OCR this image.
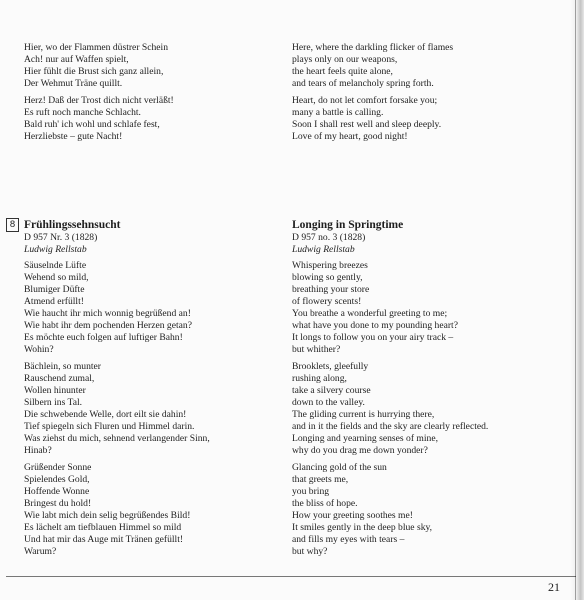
Hier, wo der Flammen düstrer Schein
Ach! nur auf Waffen spielt,
Hier fühlt die Brust sich ganz allein,
Der Wehmut Träne quillt.
Herz! Daß der Trost dich nicht verläßt!
Es ruft noch manche Schlacht.
Bald ruh' ich wohl und schlafe fest,
Herzliebste – gute Nacht!
Here, where the darkling flicker of flames
plays only on our weapons,
the heart feels quite alone,
and tears of melancholy spring forth.
Heart, do not let comfort forsake you;
many a battle is calling.
Soon I shall rest well and sleep deeply.
Love of my heart, good night!
8 Frühlingssehnsucht
D 957 Nr. 3 (1828)
Ludwig Rellstab
Säuselnde Lüfte
Wehend so mild,
Blumiger Düfte
Atmend erfüllt!
Wie haucht ihr mich wonnig begrüßend an!
Wie habt ihr dem pochenden Herzen getan?
Es möchte euch folgen auf luftiger Bahn!
Wohin?
Bächlein, so munter
Rauschend zumal,
Wollen hinunter
Silbern ins Tal.
Die schwebende Welle, dort eilt sie dahin!
Tief spiegeln sich Fluren und Himmel darin.
Was ziehst du mich, sehnend verlangender Sinn,
Hinab?
Grüßender Sonne
Spielendes Gold,
Hoffende Wonne
Bringest du hold!
Wie labt mich dein selig begrüßendes Bild!
Es lächelt am tiefblauen Himmel so mild
Und hat mir das Auge mit Tränen gefüllt!
Warum?
Longing in Springtime
D 957 no. 3 (1828)
Ludwig Rellstab
Whispering breezes
blowing so gently,
breathing your store
of flowery scents!
You breathe a wonderful greeting to me;
what have you done to my pounding heart?
It longs to follow you on your airy track –
but whither?
Brooklets, gleefully
rushing along,
take a silvery course
down to the valley.
The gliding current is hurrying there,
and in it the fields and the sky are clearly reflected.
Longing and yearning senses of mine,
why do you drag me down yonder?
Glancing gold of the sun
that greets me,
you bring
the bliss of hope.
How your greeting soothes me!
It smiles gently in the deep blue sky,
and fills my eyes with tears –
but why?
21
